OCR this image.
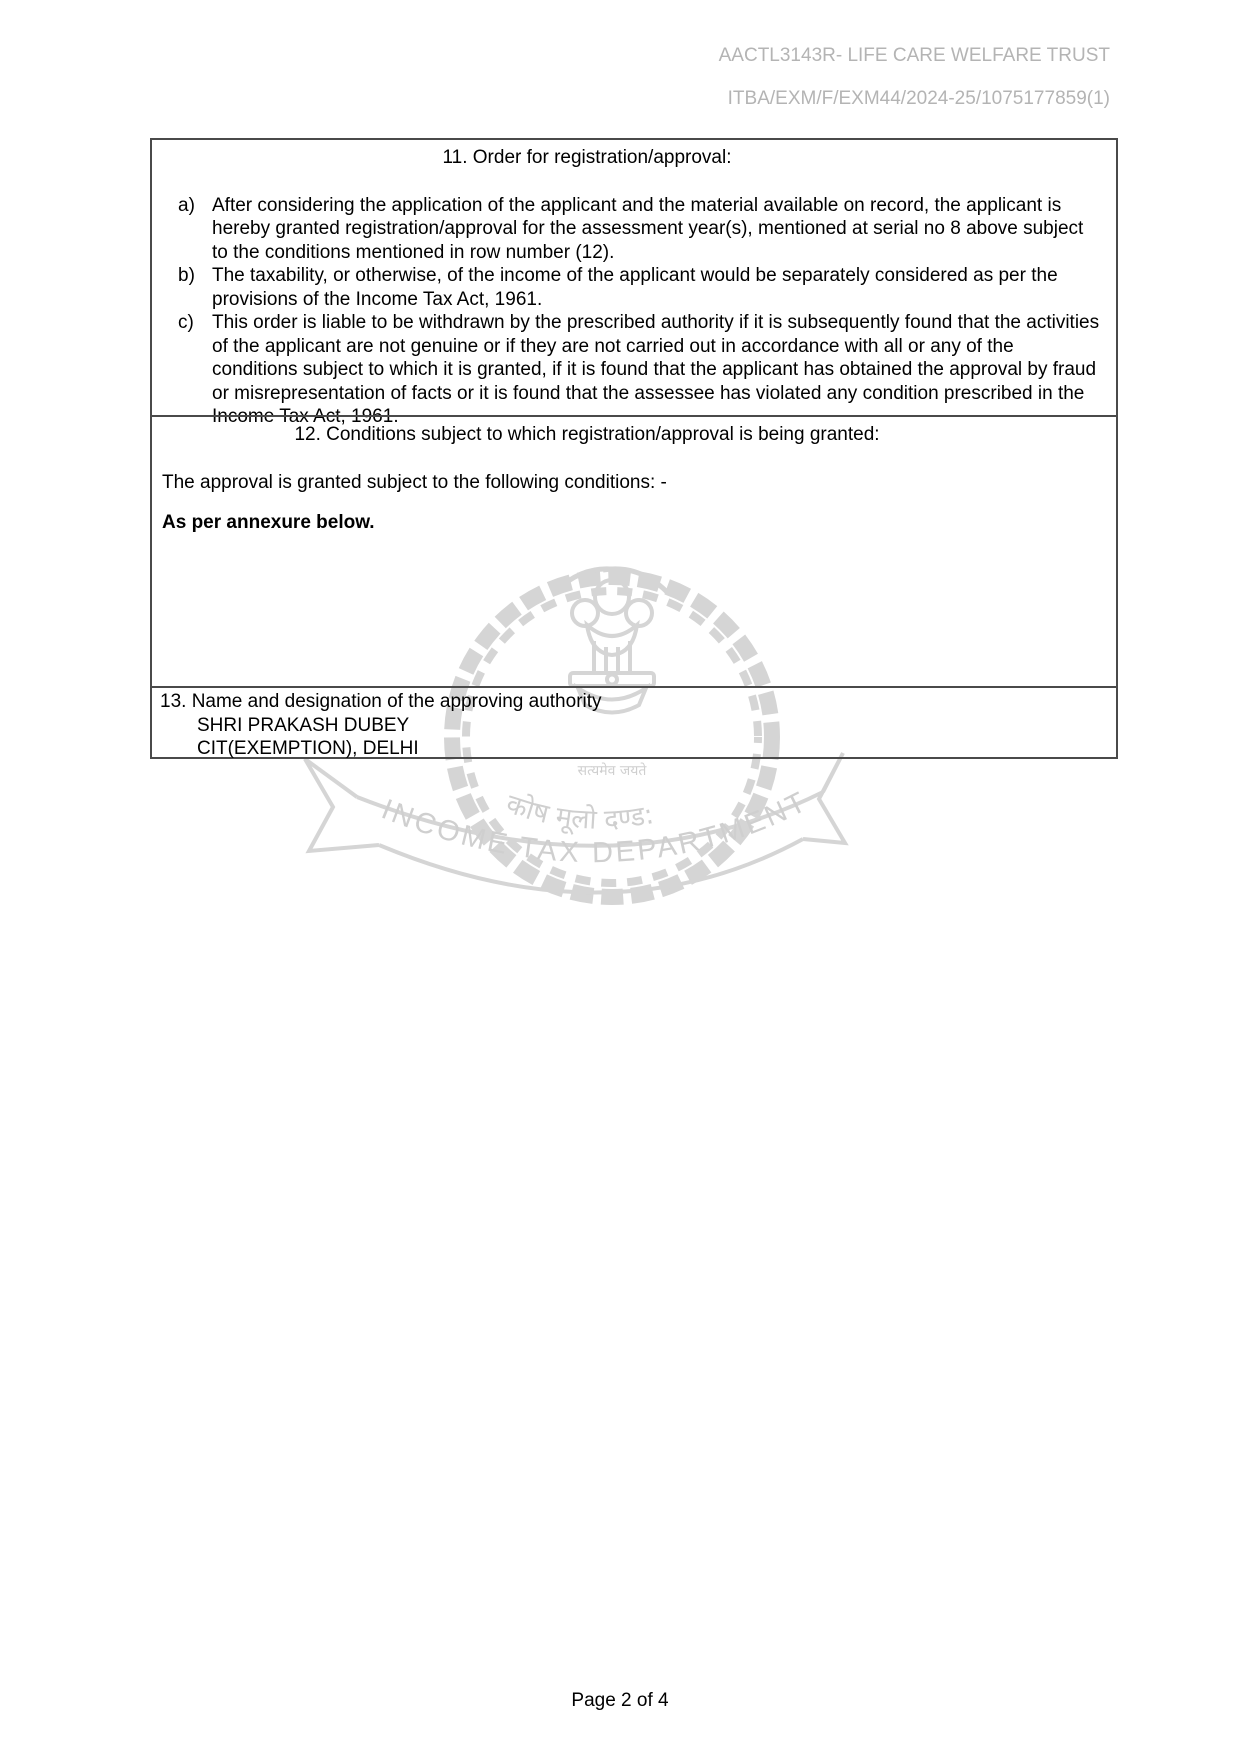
सत्यमेव जयते
कोष मूलो दण्ड:
INCOME TAX DEPARTMENT
AACTL3143R- LIFE CARE WELFARE TRUST
ITBA/EXM/F/EXM44/2024-25/1075177859(1)
11. Order for registration/approval:
a) After considering the application of the applicant and the material available on record, the applicant is hereby granted registration/approval for the assessment year(s), mentioned at serial no 8 above subject to the conditions mentioned in row number (12).
b) The taxability, or otherwise, of the income of the applicant would be separately considered as per the provisions of the Income Tax Act, 1961.
c) This order is liable to be withdrawn by the prescribed authority if it is subsequently found that the activities of the applicant are not genuine or if they are not carried out in accordance with all or any of the conditions subject to which it is granted, if it is found that the applicant has obtained the approval by fraud or misrepresentation of facts or it is found that the assessee has violated any condition prescribed in the Income Tax Act, 1961.
12. Conditions subject to which registration/approval is being granted:
The approval is granted subject to the following conditions: -
As per annexure below.
13. Name and designation of the approving authority
SHRI PRAKASH DUBEY
CIT(EXEMPTION), DELHI
Page 2 of 4
